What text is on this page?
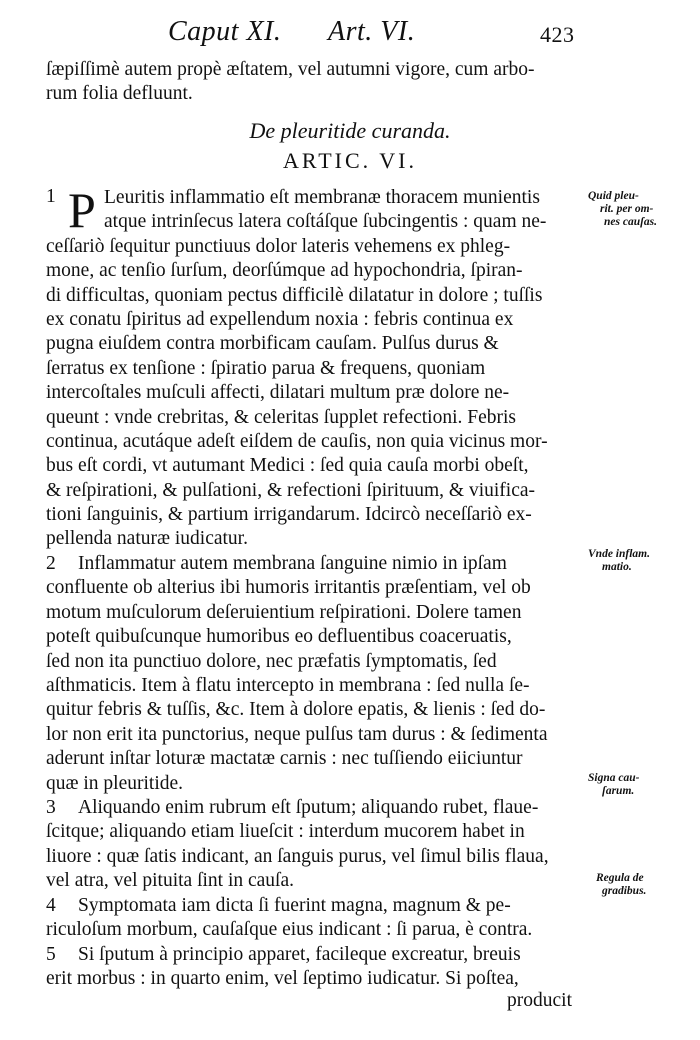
Caput XI. Art. VI.	423
ſæpiſſimè autem propè æſtatem, vel autumni vigore, cum arbo-
rum folia defluunt.
De pleuritide curanda.
ARTIC. VI.
1	Leuritis inflammatio eſt membranæ thoracem munientis
atque intrinſecus latera coſtáſque ſubcingentis : quam ne-
ceſſariò ſequitur punctiuus dolor lateris vehemens ex phleg-
mone, ac tenſio ſurſum, deorſúmque ad hypochondria, ſpiran-
di difficultas, quoniam pectus difficilè dilatatur in dolore ; tuſſis
ex conatu ſpiritus ad expellendum noxia : febris continua ex
pugna eiuſdem contra morbificam cauſam. Pulſus durus &
ſerratus ex tenſione : ſpiratio parua & frequens, quoniam
intercoſtales muſculi affecti, dilatari multum præ dolore ne-
queunt : vnde crebritas, & celeritas ſupplet refectioni. Febris
continua, acutáque adeſt eiſdem de cauſis, non quia vicinus mor-
bus eſt cordi, vt autumant Medici : ſed quia cauſa morbi obeſt,
& reſpirationi, & pulſationi, & refectioni ſpirituum, & viuifica-
tioni ſanguinis, & partium irrigandarum. Idcircò neceſſariò ex-
pellenda naturæ iudicatur.
P
2 Inflammatur autem membrana ſanguine nimio in ipſam
confluente ob alterius ibi humoris irritantis præſentiam, vel ob
motum muſculorum deſeruientium reſpirationi. Dolere tamen
poteſt quibuſcunque humoribus eo defluentibus coaceruatis,
ſed non ita punctiuo dolore, nec præfatis ſymptomatis, ſed
aſthmaticis. Item à flatu intercepto in membrana : ſed nulla ſe-
quitur febris & tuſſis, &c. Item à dolore epatis, & lienis : ſed do-
lor non erit ita punctorius, neque pulſus tam durus : & ſedimenta
aderunt inſtar loturæ mactatæ carnis : nec tuſſiendo eiiciuntur
quæ in pleuritide.
3 Aliquando enim rubrum eſt ſputum; aliquando rubet, flaue-
ſcitque; aliquando etiam liueſcit : interdum mucorem habet in
liuore : quæ ſatis indicant, an ſanguis purus, vel ſimul bilis flaua,
vel atra, vel pituita ſint in cauſa.
4 Symptomata iam dicta ſi fuerint magna, magnum & pe-
riculoſum morbum, cauſaſque eius indicant : ſi parua, è contra.
5 Si ſputum à principio apparet, facileque excreatur, breuis
erit morbus : in quarto enim, vel ſeptimo iudicatur. Si poſtea,
producit
Quid pleu-
rit. per om-
nes cauſas.
Vnde inflam.
matio.
Signa cau-
ſarum.
Regula de
gradibus.
